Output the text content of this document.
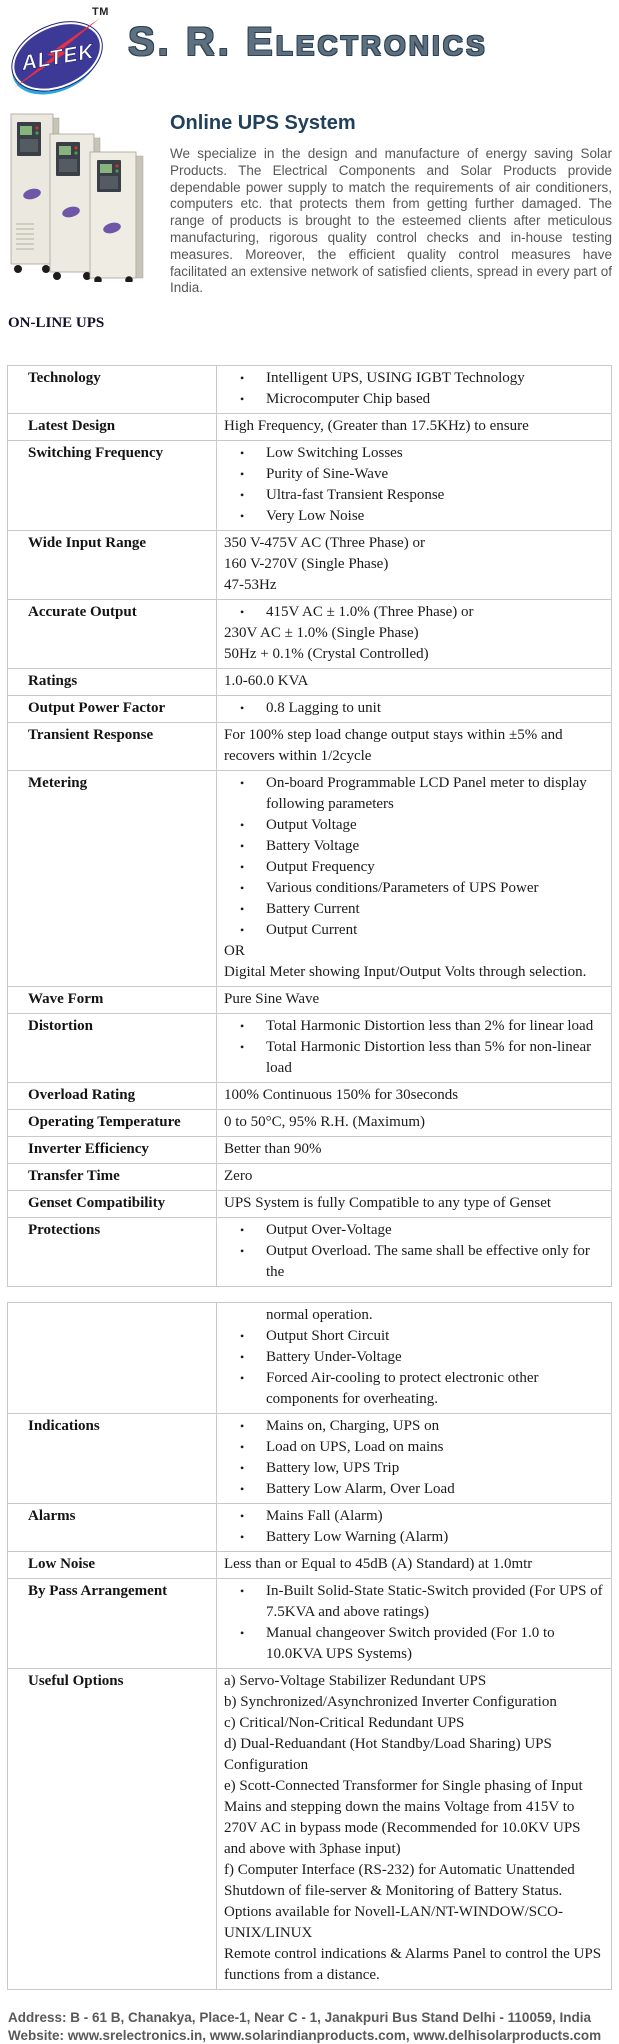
ALTEK
TM
S. R. Electronics
Online UPS System
We specialize in the design and manufacture of energy saving Solar Products. The Electrical Components and Solar Products provide dependable power supply to match the requirements of air conditioners, computers etc. that protects them from getting further damaged. The range of products is brought to the esteemed clients after meticulous manufacturing, rigorous quality control checks and in-house testing measures. Moreover, the efficient quality control measures have facilitated an extensive network of satisfied clients, spread in every part of India.
ON-LINE UPS
Technology	• Intelligent UPS, USING IGBT Technology
• Microcomputer Chip based

Latest Design	High Frequency, (Greater than 17.5KHz) to ensure

Switching Frequency	•	Low Switching Losses
•	Purity of Sine-Wave
•	Ultra-fast Transient Response
•	Very Low Noise

Wide Input Range	350 V-475V AC (Three Phase) or
160 V-270V (Single Phase)
47-53Hz

Accurate Output	• 415V AC ± 1.0% (Three Phase) or
230V AC ± 1.0% (Single Phase)
50Hz + 0.1% (Crystal Controlled)

Ratings	1.0-60.0 KVA

Output Power Factor	• 0.8 Lagging to unit

Transient Response	For 100% step load change output stays within ±5% and recovers within 1/2cycle

Metering	•	On-board Programmable LCD Panel meter to display following parameters
•	Output Voltage
•	Battery Voltage
•	Output Frequency
•	Various conditions/Parameters of UPS Power
•	Battery Current
•	Output Current
OR
Digital Meter showing Input/Output Volts through selection.

Wave Form	Pure Sine Wave

Distortion	• Total Harmonic Distortion less than 2% for linear load
• Total Harmonic Distortion less than 5% for non-linear load

Overload Rating	100% Continuous 150% for 30seconds

Operating Temperature	0 to 50°C, 95% R.H. (Maximum)

Inverter Efficiency	Better than 90%

Transfer Time	Zero

Genset Compatibility	UPS System is fully Compatible to any type of Genset

Protections	• Output Over-Voltage
• Output Overload. The same shall be effective only for the

normal operation.
•	Output Short Circuit
•	Battery Under-Voltage
•	Forced Air-cooling to protect electronic other components for overheating.

Indications	•	Mains on, Charging, UPS on
•	Load on UPS, Load on mains
•	Battery low, UPS Trip
•	Battery Low Alarm, Over Load

Alarms	• Mains Fall (Alarm)
• Battery Low Warning (Alarm)

Low Noise	Less than or Equal to 45dB (A) Standard) at 1.0mtr

By Pass Arrangement	• In-Built Solid-State Static-Switch provided (For UPS of 7.5KVA and above ratings)
• Manual changeover Switch provided (For 1.0 to 10.0KVA UPS Systems)

Useful Options	a) Servo-Voltage Stabilizer Redundant UPS
b) Synchronized/Asynchronized Inverter Configuration
c) Critical/Non-Critical Redundant UPS
d) Dual-Reduandant (Hot Standby/Load Sharing) UPS Configuration
e) Scott-Connected Transformer for Single phasing of Input Mains and stepping down the mains Voltage from 415V to 270V AC in bypass mode (Recommended for 10.0KV UPS and above with 3phase input)
f) Computer Interface (RS-232) for Automatic Unattended Shutdown of file-server & Monitoring of Battery Status. Options available for Novell-LAN/NT-WINDOW/SCO-UNIX/LINUX
Remote control indications & Alarms Panel to control the UPS functions from a distance.
Address: B - 61 B, Chanakya, Place-1, Near C - 1, Janakpuri Bus Stand Delhi - 110059, India
Website: www.srelectronics.in, www.solarindianproducts.com, www.delhisolarproducts.com
